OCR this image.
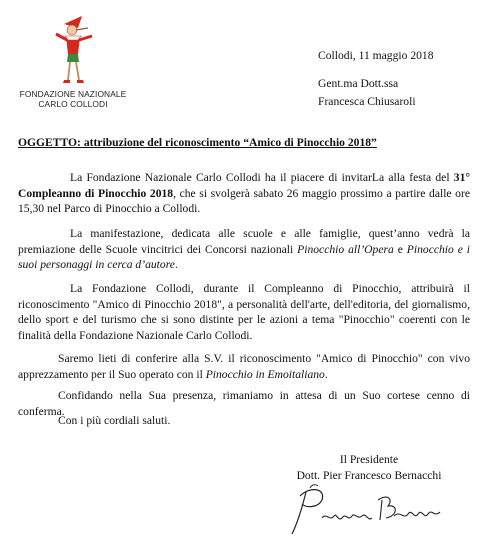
FONDAZIONE NAZIONALE
CARLO COLLODI
Collodi, 11 maggio 2018
Gent.ma Dott.ssa
Francesca Chiusaroli
OGGETTO: attribuzione del riconoscimento “Amico di Pinocchio 2018”
La Fondazione Nazionale Carlo Collodi ha il piacere di invitarLa alla festa del 31° Compleanno di Pinocchio 2018, che si svolgerà sabato 26 maggio prossimo a partire dalle ore 15,30 nel Parco di Pinocchio a Collodi.
La manifestazione, dedicata alle scuole e alle famiglie, quest’anno vedrà la premiazione delle Scuole vincitrici dei Concorsi nazionali Pinocchio all’Opera e Pinocchio e i suoi personaggi in cerca d’autore.
La Fondazione Collodi, durante il Compleanno di Pinocchio, attribuirà il riconoscimento "Amico di Pinocchio 2018", a personalità dell'arte, dell'editoria, del giornalismo, dello sport e del turismo che si sono distinte per le azioni a tema "Pinocchio" coerenti con le finalità della Fondazione Nazionale Carlo Collodi.
Saremo lieti di conferire alla S.V. il riconoscimento "Amico di Pinocchio" con vivo apprezzamento per il Suo operato con il Pinocchio in Emoitaliano.
Confidando nella Sua presenza, rimaniamo in attesa di un Suo cortese cenno di conferma.
Con i più cordiali saluti.
Il Presidente
Dott. Pier Francesco Bernacchi
